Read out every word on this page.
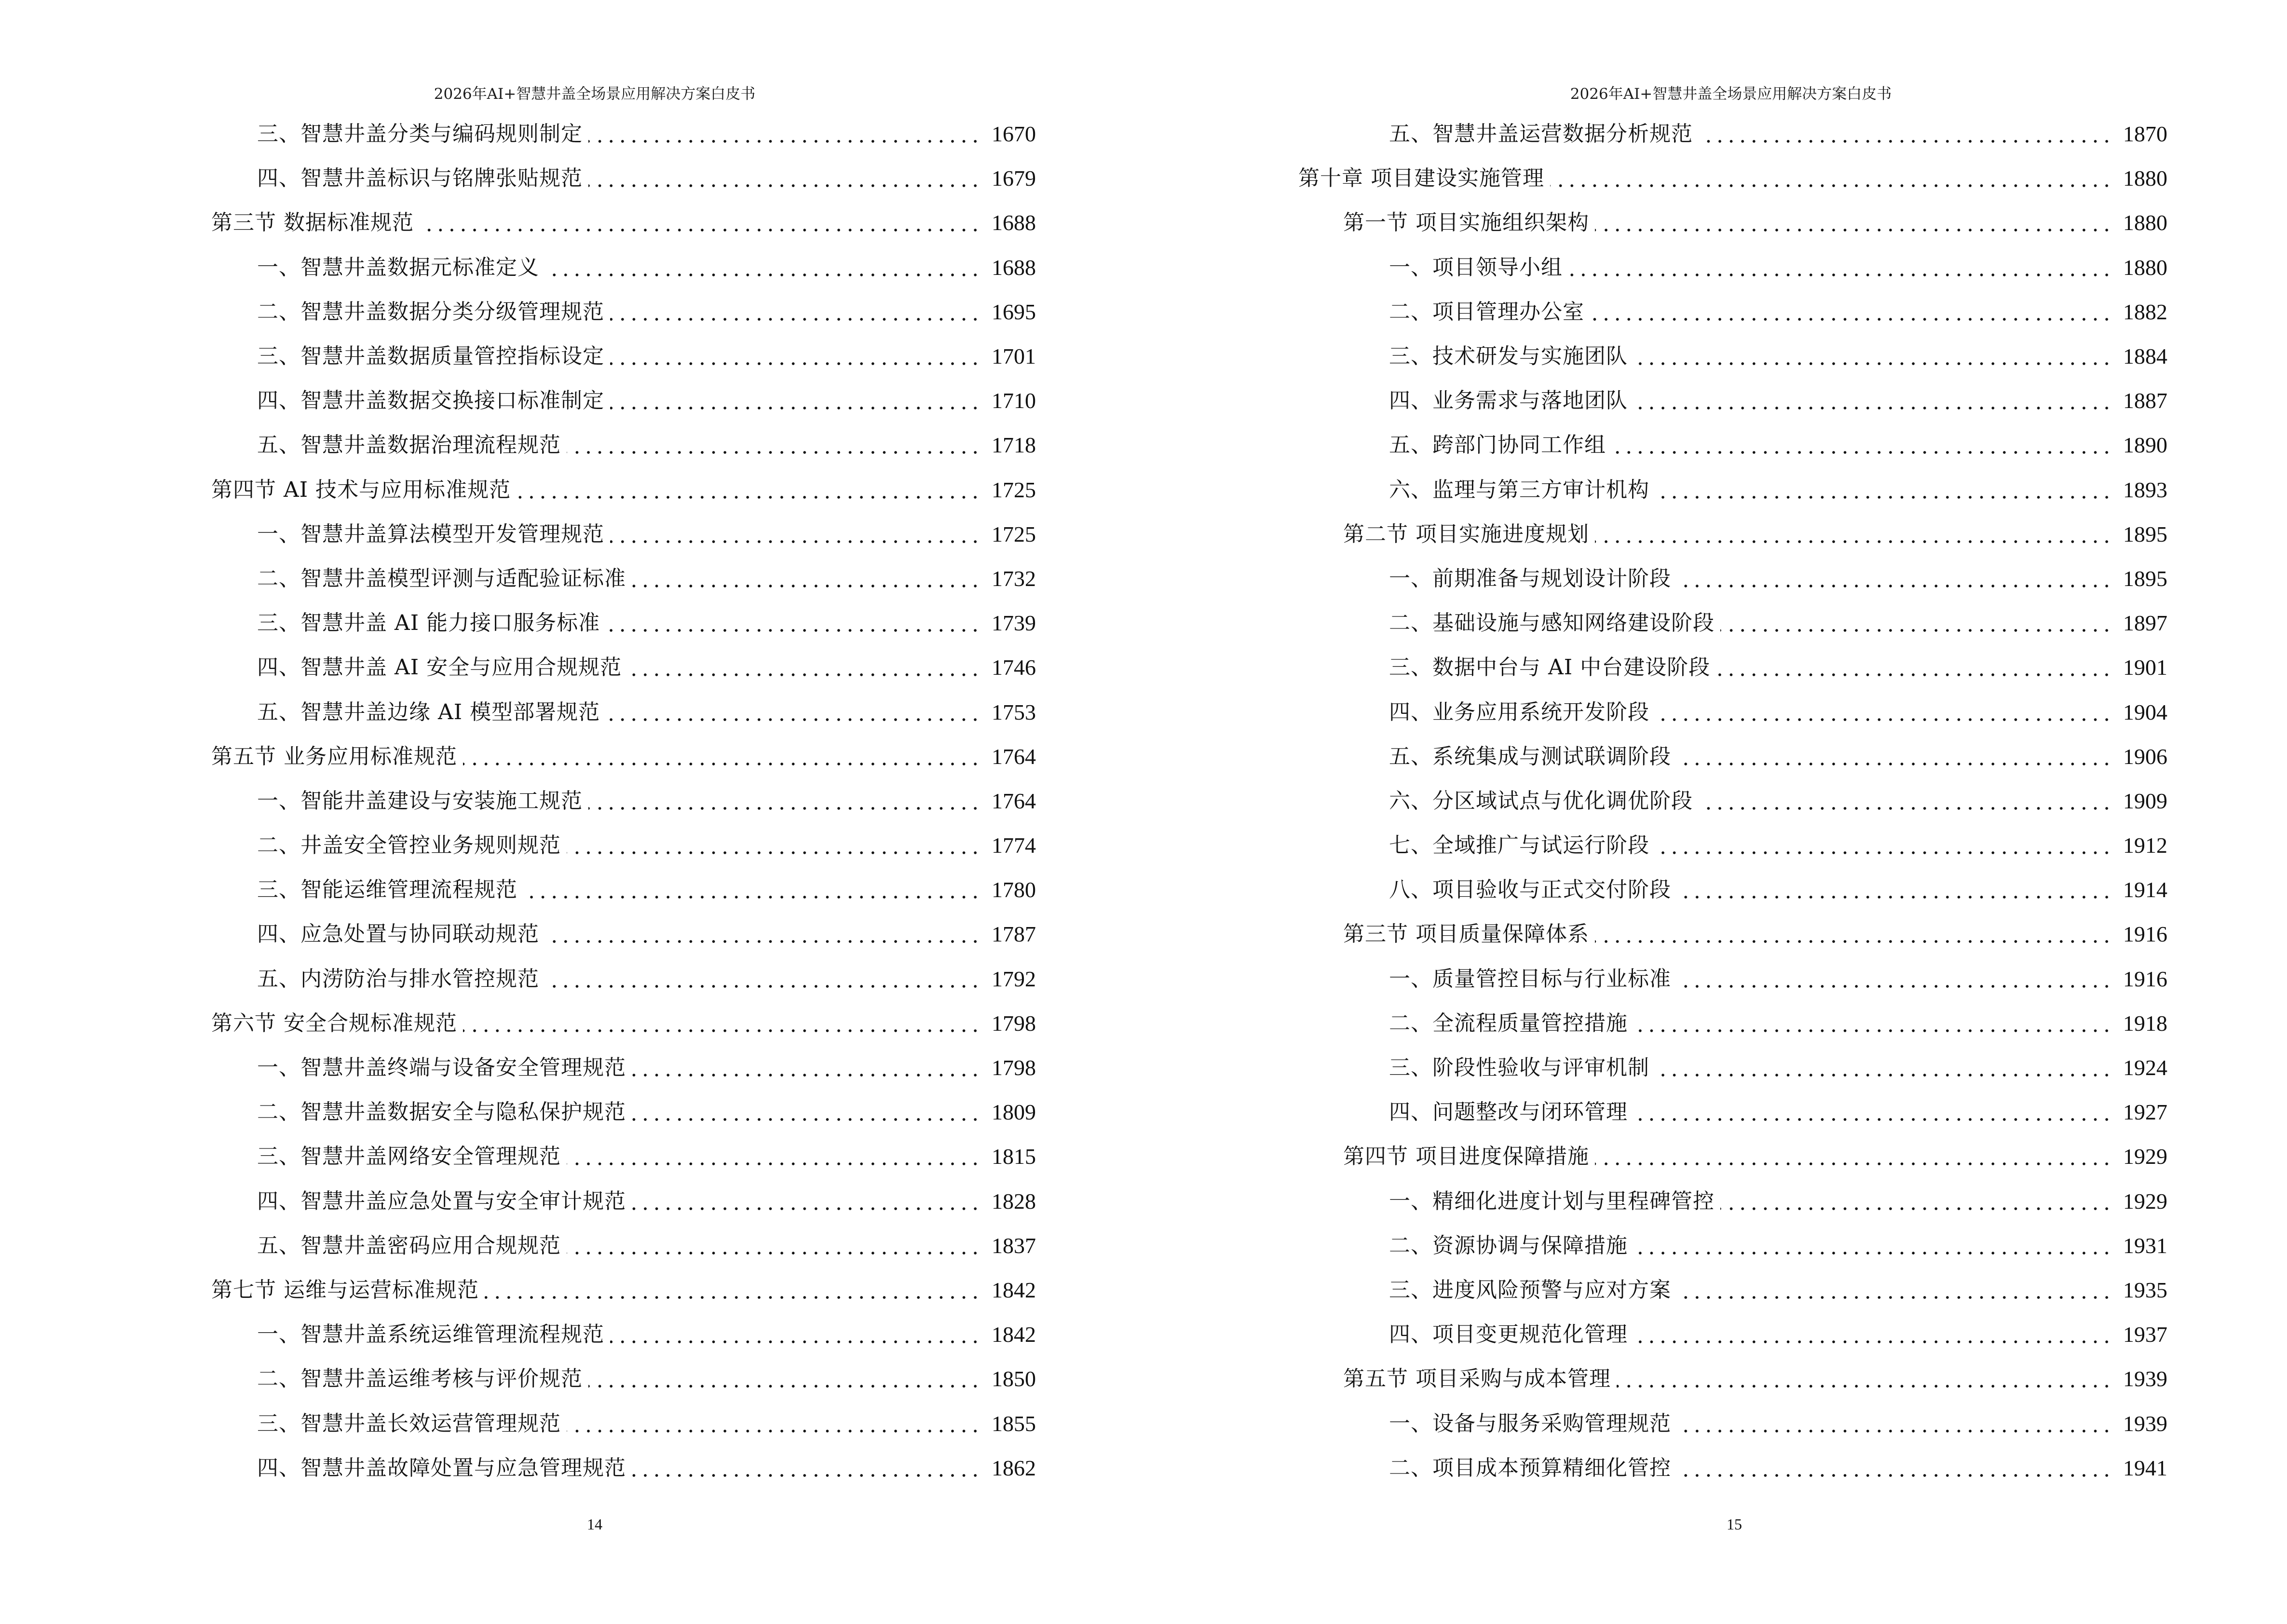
2026年AI+智慧井盖全场景应用解决方案白皮书
三、智慧井盖分类与编码规则制定	1670
四、智慧井盖标识与铭牌张贴规范	1679
第三节 数据标准规范	1688
一、智慧井盖数据元标准定义	1688
二、智慧井盖数据分类分级管理规范	1695
三、智慧井盖数据质量管控指标设定	1701
四、智慧井盖数据交换接口标准制定	1710
五、智慧井盖数据治理流程规范	1718
第四节 AI 技术与应用标准规范	1725
一、智慧井盖算法模型开发管理规范	1725
二、智慧井盖模型评测与适配验证标准	1732
三、智慧井盖 AI 能力接口服务标准	1739
四、智慧井盖 AI 安全与应用合规规范	1746
五、智慧井盖边缘 AI 模型部署规范	1753
第五节 业务应用标准规范	1764
一、智能井盖建设与安装施工规范	1764
二、井盖安全管控业务规则规范	1774
三、智能运维管理流程规范	1780
四、应急处置与协同联动规范	1787
五、内涝防治与排水管控规范	1792
第六节 安全合规标准规范	1798
一、智慧井盖终端与设备安全管理规范	1798
二、智慧井盖数据安全与隐私保护规范	1809
三、智慧井盖网络安全管理规范	1815
四、智慧井盖应急处置与安全审计规范	1828
五、智慧井盖密码应用合规规范	1837
第七节 运维与运营标准规范	1842
一、智慧井盖系统运维管理流程规范	1842
二、智慧井盖运维考核与评价规范	1850
三、智慧井盖长效运营管理规范	1855
四、智慧井盖故障处置与应急管理规范	1862
14
2026年AI+智慧井盖全场景应用解决方案白皮书
五、智慧井盖运营数据分析规范	1870
第十章 项目建设实施管理	1880
第一节 项目实施组织架构	1880
一、项目领导小组	1880
二、项目管理办公室	1882
三、技术研发与实施团队	1884
四、业务需求与落地团队	1887
五、跨部门协同工作组	1890
六、监理与第三方审计机构	1893
第二节 项目实施进度规划	1895
一、前期准备与规划设计阶段	1895
二、基础设施与感知网络建设阶段	1897
三、数据中台与 AI 中台建设阶段	1901
四、业务应用系统开发阶段	1904
五、系统集成与测试联调阶段	1906
六、分区域试点与优化调优阶段	1909
七、全域推广与试运行阶段	1912
八、项目验收与正式交付阶段	1914
第三节 项目质量保障体系	1916
一、质量管控目标与行业标准	1916
二、全流程质量管控措施	1918
三、阶段性验收与评审机制	1924
四、问题整改与闭环管理	1927
第四节 项目进度保障措施	1929
一、精细化进度计划与里程碑管控	1929
二、资源协调与保障措施	1931
三、进度风险预警与应对方案	1935
四、项目变更规范化管理	1937
第五节 项目采购与成本管理	1939
一、设备与服务采购管理规范	1939
二、项目成本预算精细化管控	1941
15
